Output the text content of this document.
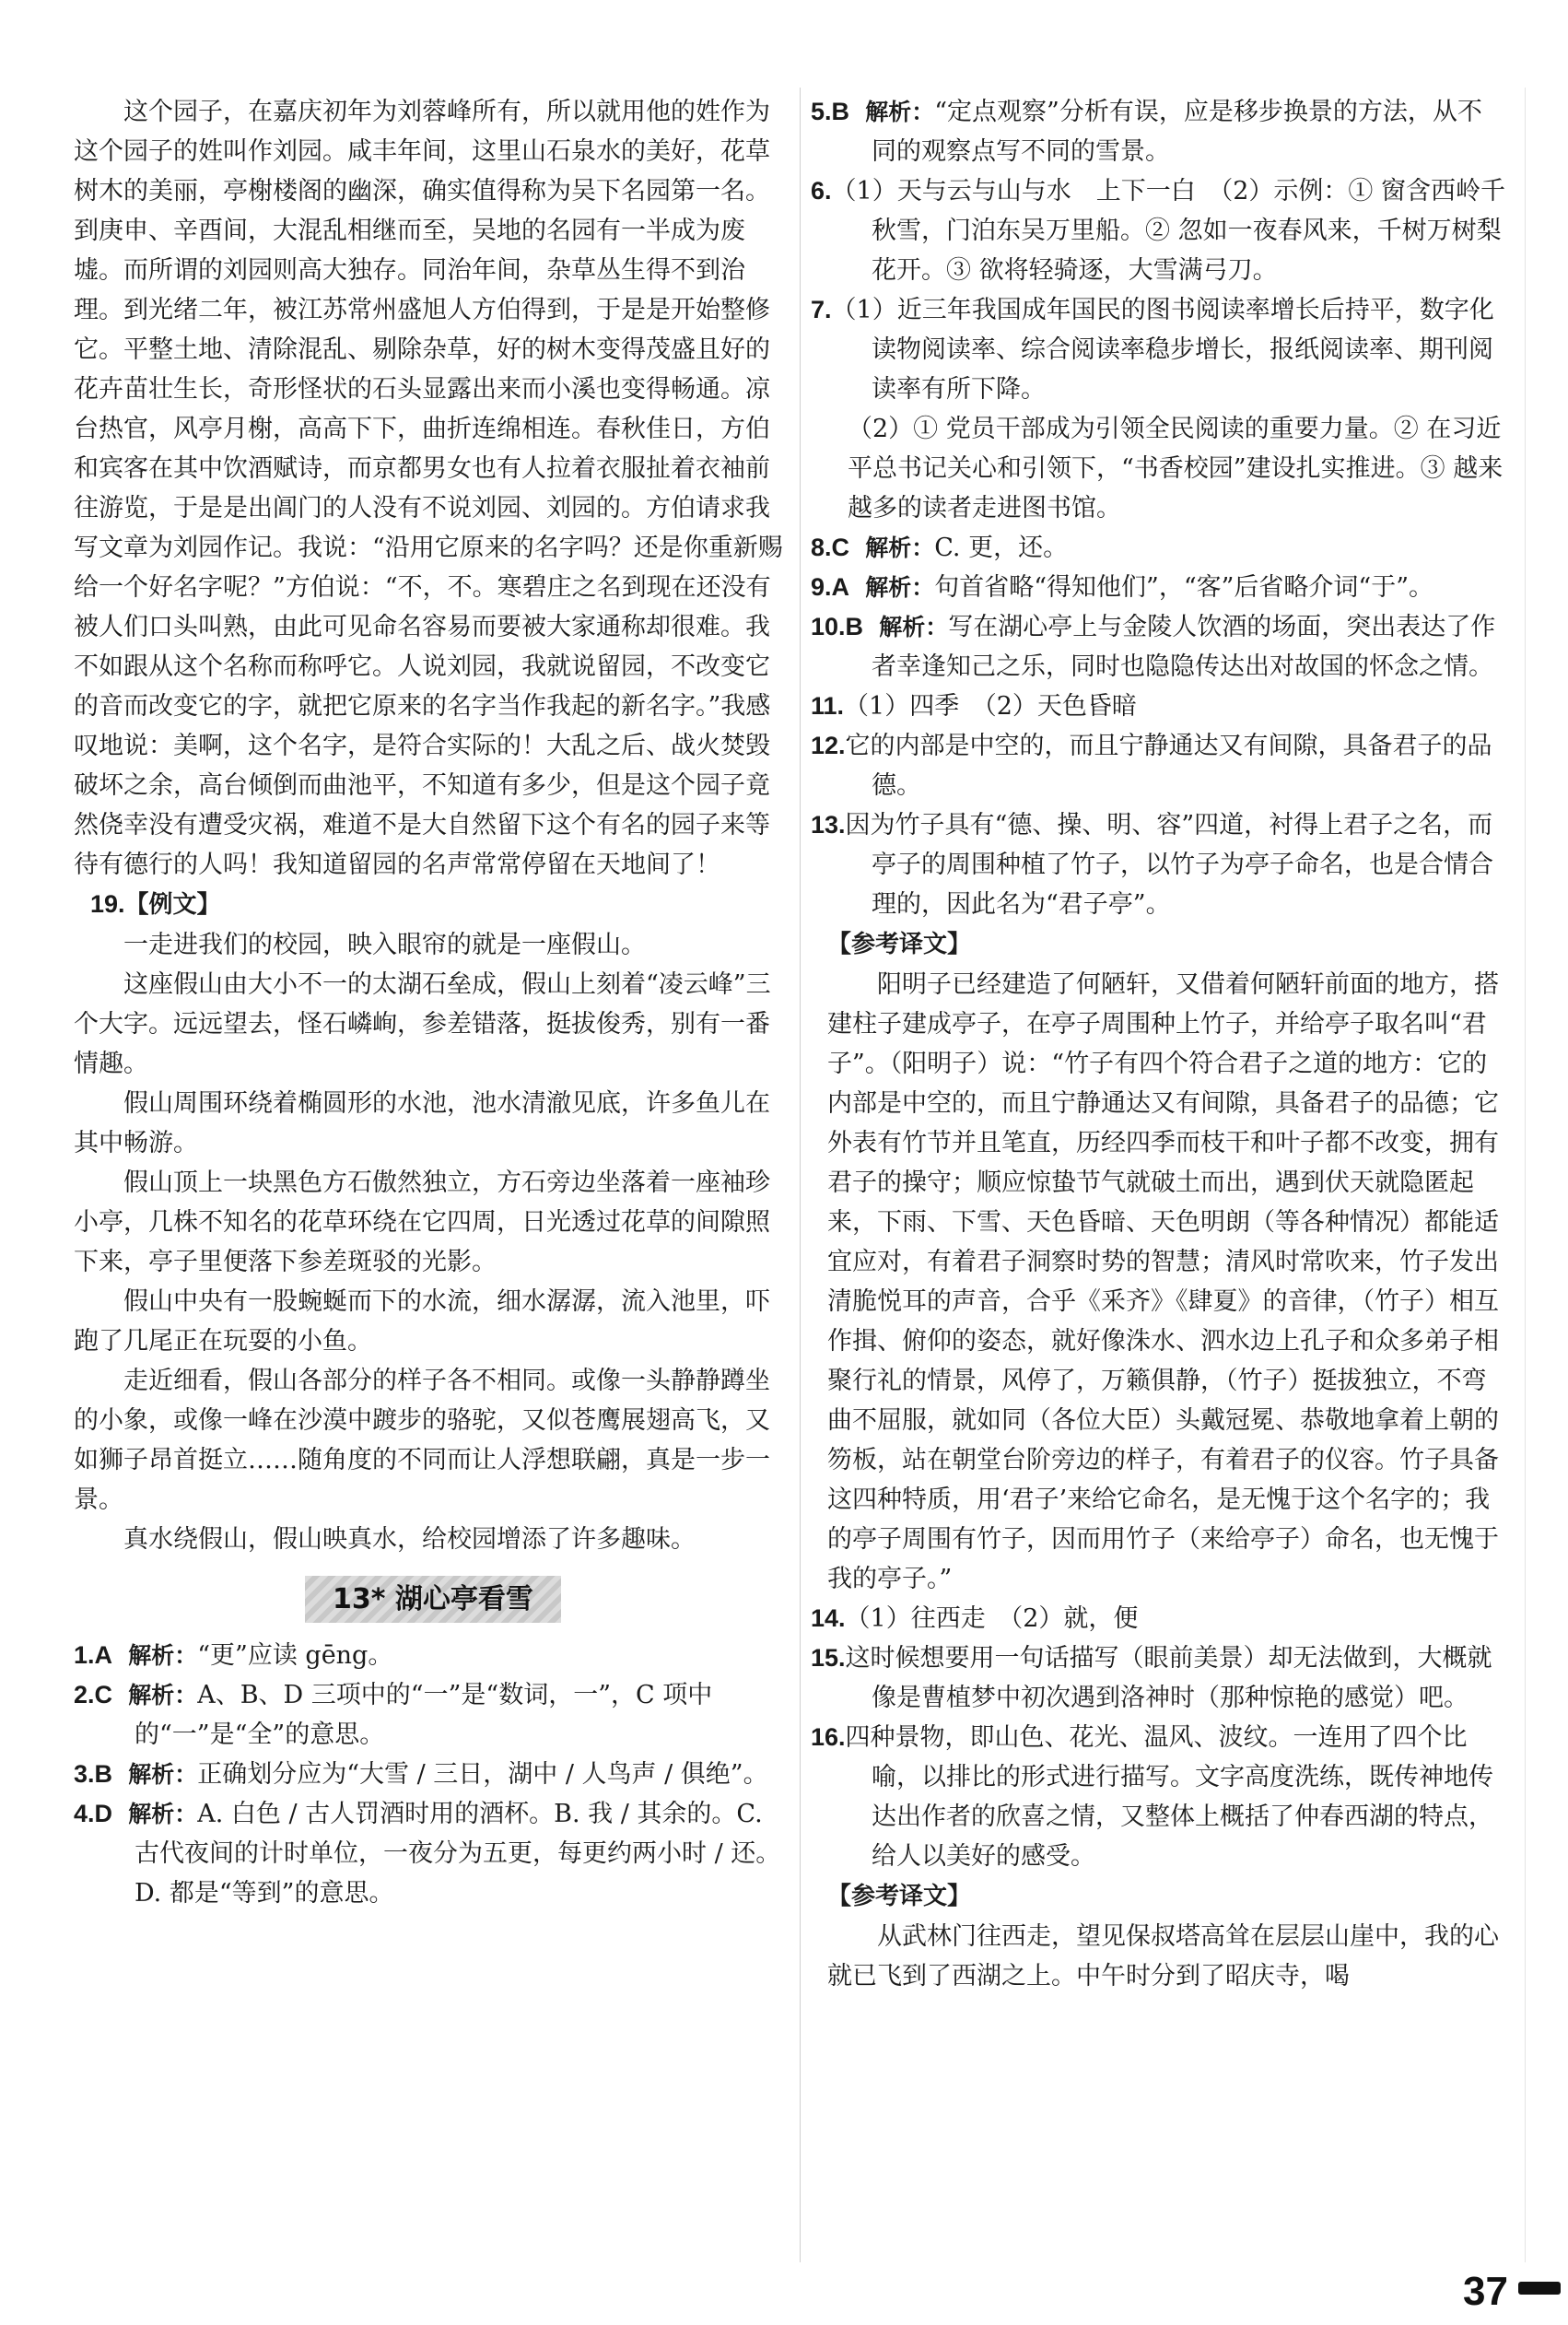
这个园子，在嘉庆初年为刘蓉峰所有，所以就用他的姓作为这个园子的姓叫作刘园。咸丰年间，这里山石泉水的美好，花草树木的美丽，亭榭楼阁的幽深，确实值得称为吴下名园第一名。到庚申、辛酉间，大混乱相继而至，吴地的名园有一半成为废墟。而所谓的刘园则高大独存。同治年间，杂草丛生得不到治理。到光绪二年，被江苏常州盛旭人方伯得到，于是是开始整修它。平整土地、清除混乱、剔除杂草，好的树木变得茂盛且好的花卉苗壮生长，奇形怪状的石头显露出来而小溪也变得畅通。凉台热官，风亭月榭，高高下下，曲折连绵相连。春秋佳日，方伯和宾客在其中饮酒赋诗，而京都男女也有人拉着衣服扯着衣袖前往游览，于是是出阊门的人没有不说刘园、刘园的。方伯请求我写文章为刘园作记。我说：“沿用它原来的名字吗？还是你重新赐给一个好名字呢？”方伯说：“不，不。寒碧庄之名到现在还没有被人们口头叫熟，由此可见命名容易而要被大家通称却很难。我不如跟从这个名称而称呼它。人说刘园，我就说留园，不改变它的音而改变它的字，就把它原来的名字当作我起的新名字。”我感叹地说：美啊，这个名字，是符合实际的！大乱之后、战火焚毁破坏之余，高台倾倒而曲池平，不知道有多少，但是这个园子竟然侥幸没有遭受灾祸，难道不是大自然留下这个有名的园子来等待有德行的人吗！我知道留园的名声常常停留在天地间了！

19.【例文】

一走进我们的校园，映入眼帘的就是一座假山。

这座假山由大小不一的太湖石垒成，假山上刻着“凌云峰”三个大字。远远望去，怪石嶙峋，参差错落，挺拔俊秀，别有一番情趣。

假山周围环绕着椭圆形的水池，池水清澈见底，许多鱼儿在其中畅游。

假山顶上一块黑色方石傲然独立，方石旁边坐落着一座袖珍小亭，几株不知名的花草环绕在它四周，日光透过花草的间隙照下来，亭子里便落下参差斑驳的光影。

假山中央有一股蜿蜒而下的水流，细水潺潺，流入池里，吓跑了几尾正在玩耍的小鱼。

走近细看，假山各部分的样子各不相同。或像一头静静蹲坐的小象，或像一峰在沙漠中踱步的骆驼，又似苍鹰展翅高飞，又如狮子昂首挺立……随角度的不同而让人浮想联翩，真是一步一景。

真水绕假山，假山映真水，给校园增添了许多趣味。

13* 湖心亭看雪

1.A 解析：“更”应读 gēng。

2.C 解析：A、B、D 三项中的“一”是“数词，一”，C 项中的“一”是“全”的意思。

3.B 解析：正确划分应为“大雪 / 三日，湖中 / 人鸟声 / 俱绝”。

4.D 解析：A. 白色 / 古人罚酒时用的酒杯。B. 我 / 其余的。C. 古代夜间的计时单位，一夜分为五更，每更约两小时 / 还。D. 都是“等到”的意思。

5.B 解析：“定点观察”分析有误，应是移步换景的方法，从不同的观察点写不同的雪景。

6.（1）天与云与山与水　上下一白　（2）示例：① 窗含西岭千秋雪，门泊东吴万里船。② 忽如一夜春风来，千树万树梨花开。③ 欲将轻骑逐，大雪满弓刀。

7.（1）近三年我国成年国民的图书阅读率增长后持平，数字化读物阅读率、综合阅读率稳步增长，报纸阅读率、期刊阅读率有所下降。

（2）① 党员干部成为引领全民阅读的重要力量。② 在习近平总书记关心和引领下，“书香校园”建设扎实推进。③ 越来越多的读者走进图书馆。

8.C 解析：C. 更，还。

9.A 解析：句首省略“得知他们”，“客”后省略介词“于”。

10.B 解析：写在湖心亭上与金陵人饮酒的场面，突出表达了作者幸逢知己之乐，同时也隐隐传达出对故国的怀念之情。

11.（1）四季　（2）天色昏暗

12.它的内部是中空的，而且宁静通达又有间隙，具备君子的品德。

13.因为竹子具有“德、操、明、容”四道，衬得上君子之名，而亭子的周围种植了竹子，以竹子为亭子命名，也是合情合理的，因此名为“君子亭”。

【参考译文】

阳明子已经建造了何陋轩，又借着何陋轩前面的地方，搭建柱子建成亭子，在亭子周围种上竹子，并给亭子取名叫“君子”。（阳明子）说：“竹子有四个符合君子之道的地方：它的内部是中空的，而且宁静通达又有间隙，具备君子的品德；它外表有竹节并且笔直，历经四季而枝干和叶子都不改变，拥有君子的操守；顺应惊蛰节气就破土而出，遇到伏天就隐匿起来，下雨、下雪、天色昏暗、天色明朗（等各种情况）都能适宜应对，有着君子洞察时势的智慧；清风时常吹来，竹子发出清脆悦耳的声音，合乎《釆齐》《肆夏》的音律，（竹子）相互作揖、俯仰的姿态，就好像洙水、泗水边上孔子和众多弟子相聚行礼的情景，风停了，万籁俱静，（竹子）挺拔独立，不弯曲不屈服，就如同（各位大臣）头戴冠冕、恭敬地拿着上朝的笏板，站在朝堂台阶旁边的样子，有着君子的仪容。竹子具备这四种特质，用‘君子’来给它命名，是无愧于这个名字的；我的亭子周围有竹子，因而用竹子（来给亭子）命名，也无愧于我的亭子。”

14.（1）往西走　（2）就，便

15.这时候想要用一句话描写（眼前美景）却无法做到，大概就像是曹植梦中初次遇到洛神时（那种惊艳的感觉）吧。

16.四种景物，即山色、花光、温风、波纹。一连用了四个比喻，以排比的形式进行描写。文字高度洗练，既传神地传达出作者的欣喜之情，又整体上概括了仲春西湖的特点，给人以美好的感受。

【参考译文】

从武林门往西走，望见保叔塔高耸在层层山崖中，我的心就已飞到了西湖之上。中午时分到了昭庆寺，喝

37
